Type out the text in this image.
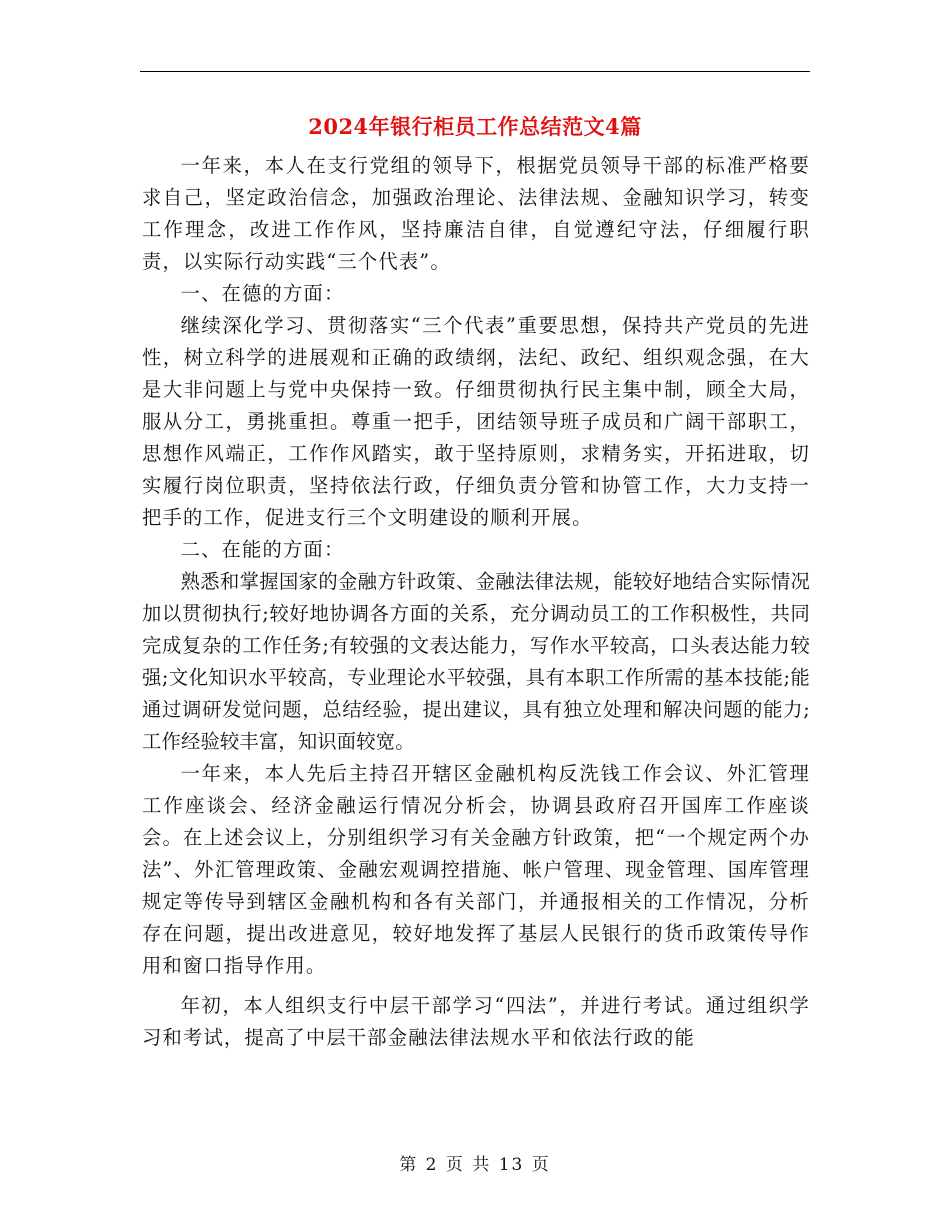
2024年银行柜员工作总结范文4篇

一年来，本人在支行党组的领导下，根据党员领导干部的标准严格要求自己，坚定政治信念，加强政治理论、法律法规、金融知识学习，转变工作理念，改进工作作风，坚持廉洁自律，自觉遵纪守法，仔细履行职责，以实际行动实践“三个代表”。

一、在德的方面：

继续深化学习、贯彻落实“三个代表”重要思想，保持共产党员的先进性，树立科学的进展观和正确的政绩纲，法纪、政纪、组织观念强，在大是大非问题上与党中央保持一致。仔细贯彻执行民主集中制，顾全大局，服从分工，勇挑重担。尊重一把手，团结领导班子成员和广阔干部职工，思想作风端正，工作作风踏实，敢于坚持原则，求精务实，开拓进取，切实履行岗位职责，坚持依法行政，仔细负责分管和协管工作，大力支持一把手的工作，促进支行三个文明建设的顺利开展。

二、在能的方面：

熟悉和掌握国家的金融方针政策、金融法律法规，能较好地结合实际情况加以贯彻执行;较好地协调各方面的关系，充分调动员工的工作积极性，共同完成复杂的工作任务;有较强的文表达能力，写作水平较高，口头表达能力较强;文化知识水平较高，专业理论水平较强，具有本职工作所需的基本技能;能通过调研发觉问题，总结经验，提出建议，具有独立处理和解决问题的能力;工作经验较丰富，知识面较宽。

一年来，本人先后主持召开辖区金融机构反洗钱工作会议、外汇管理工作座谈会、经济金融运行情况分析会，协调县政府召开国库工作座谈会。在上述会议上，分别组织学习有关金融方针政策，把“一个规定两个办法”、外汇管理政策、金融宏观调控措施、帐户管理、现金管理、国库管理规定等传导到辖区金融机构和各有关部门，并通报相关的工作情况，分析存在问题，提出改进意见，较好地发挥了基层人民银行的货币政策传导作用和窗口指导作用。

年初，本人组织支行中层干部学习“四法”，并进行考试。通过组织学习和考试，提高了中层干部金融法律法规水平和依法行政的能

第 2 页 共 13 页
